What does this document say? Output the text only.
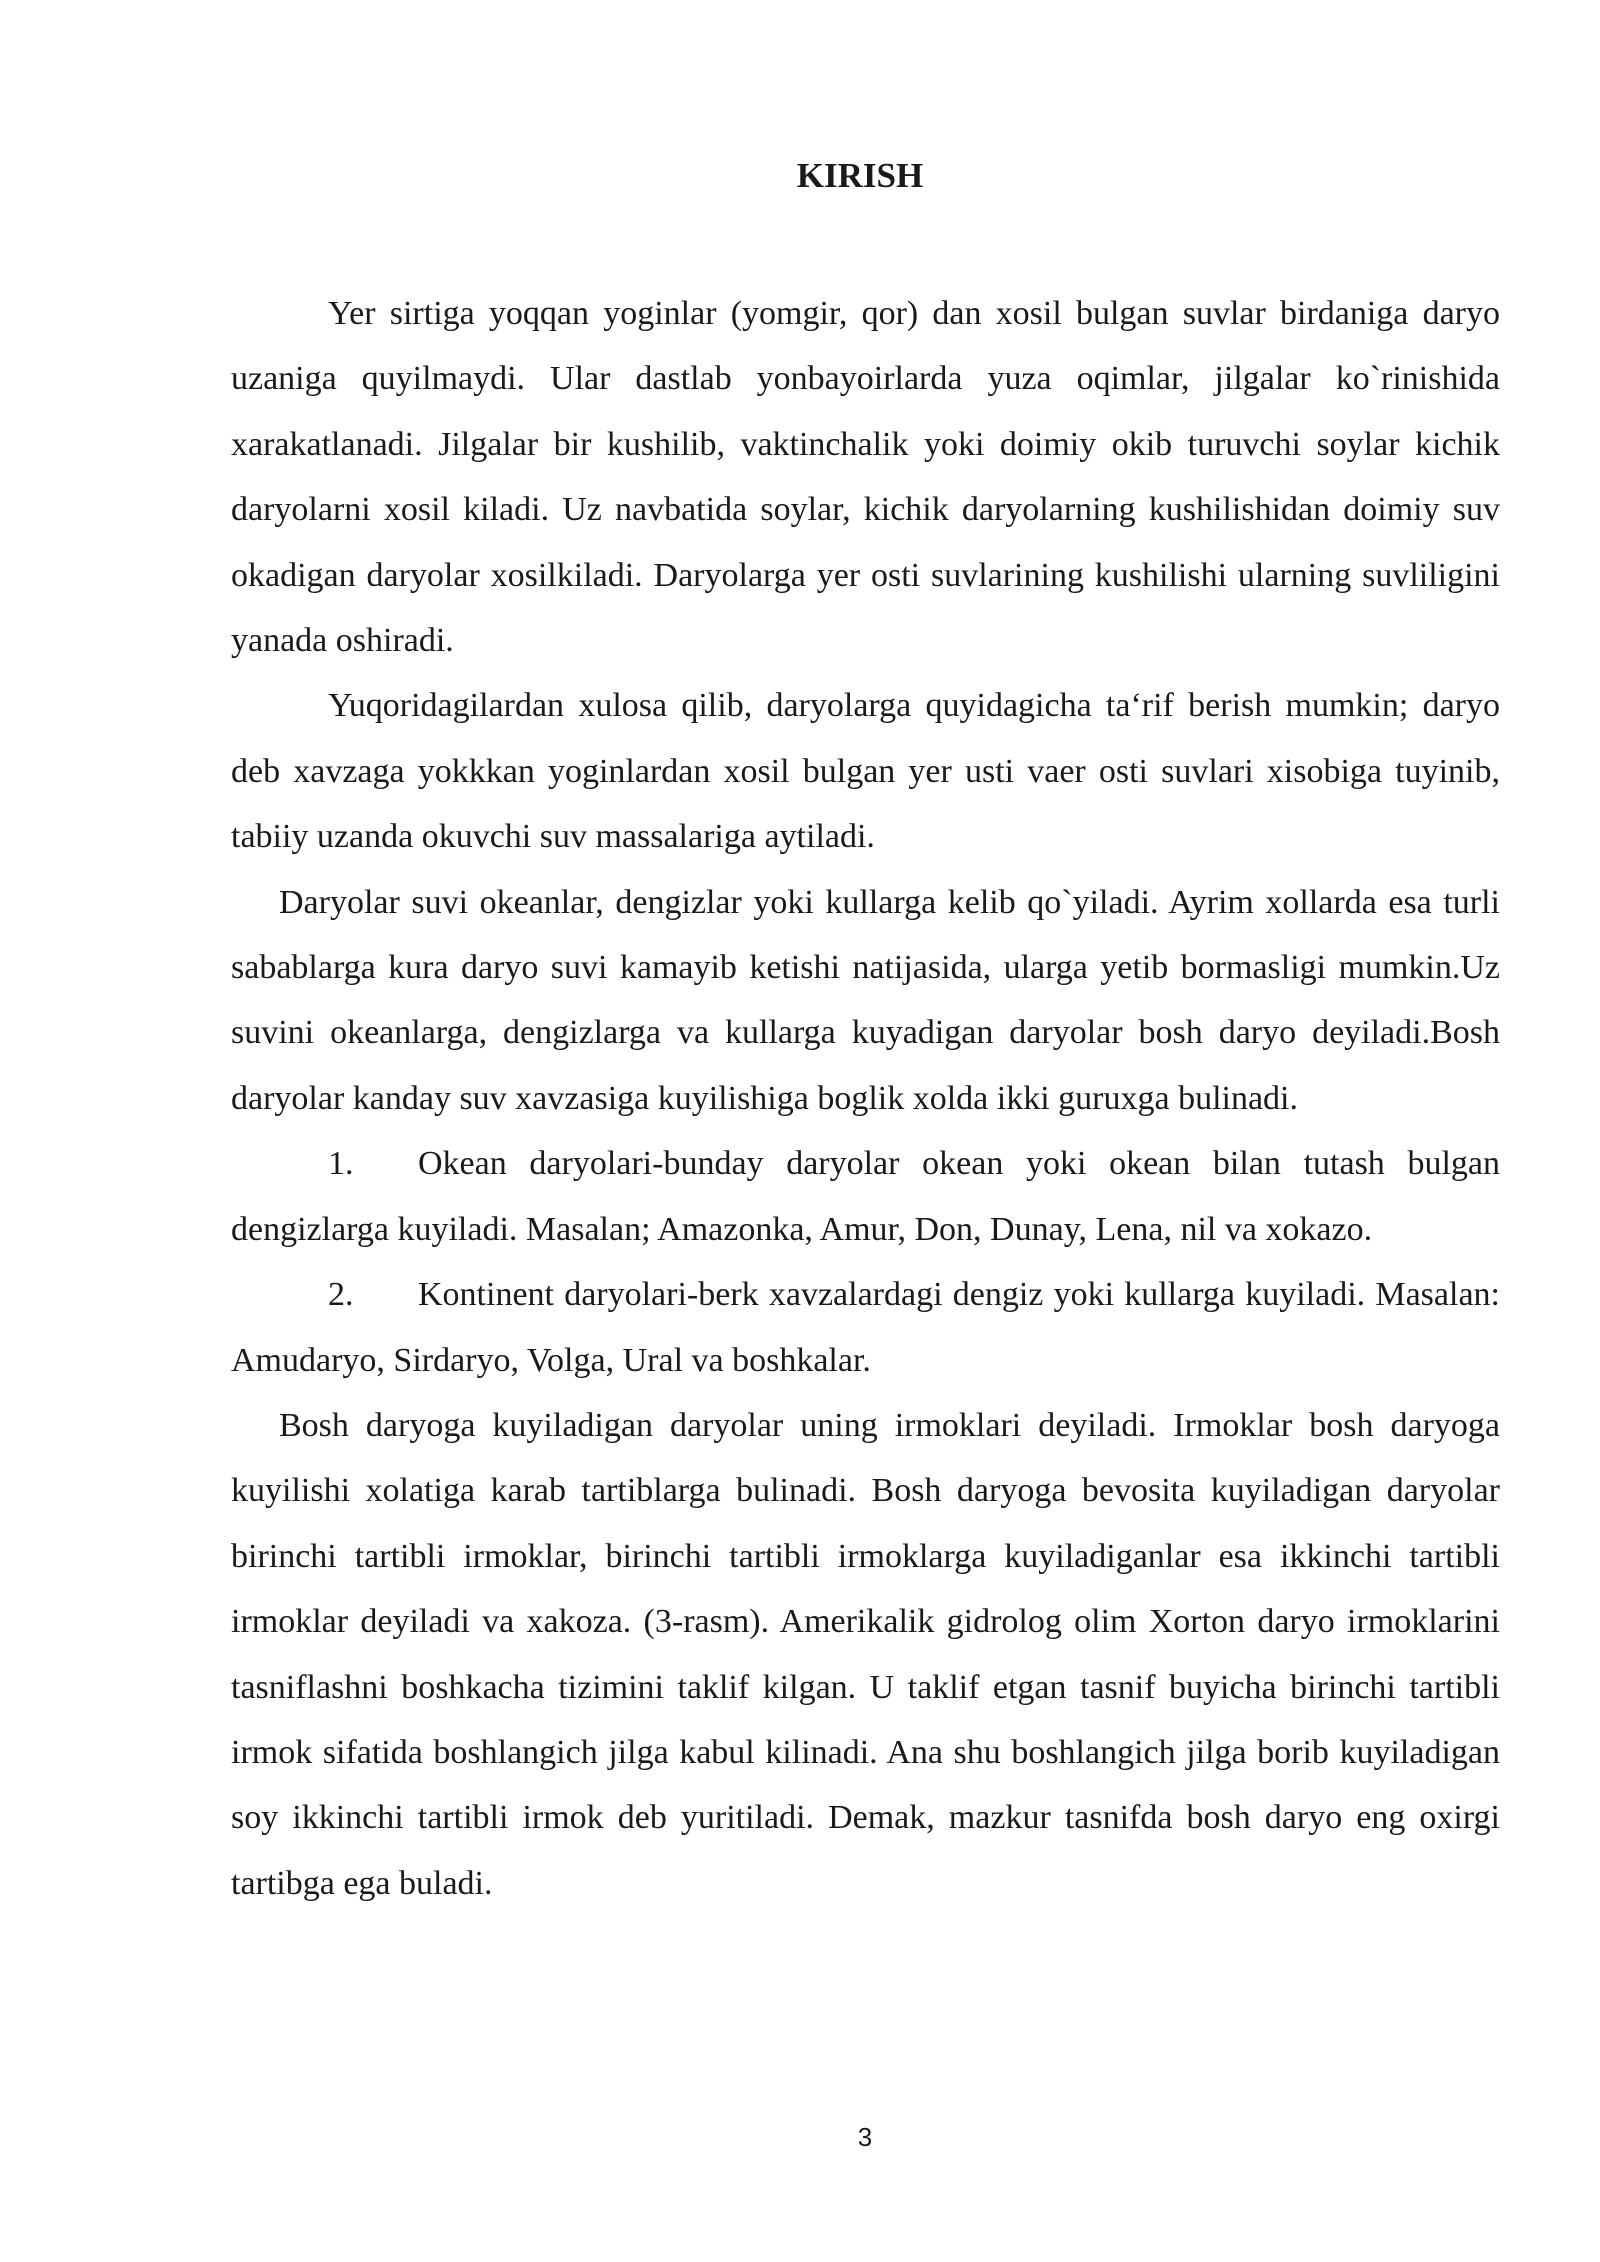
KIRISH

Yer sirtiga yoqqan yoginlar (yomgir, qor) dan xosil bulgan suvlar birdaniga daryo uzaniga quyilmaydi. Ular dastlab yonbayoirlarda yuza oqimlar, jilgalar ko`rinishida xarakatlanadi. Jilgalar bir kushilib, vaktinchalik yoki doimiy okib turuvchi soylar kichik daryolarni xosil kiladi. Uz navbatida soylar, kichik daryolarning kushilishidan doimiy suv okadigan daryolar xosilkiladi. Daryolarga yer osti suvlarining kushilishi ularning suvliligini yanada oshiradi.

Yuqoridagilardan xulosa qilib, daryolarga quyidagicha ta‘rif berish mumkin; daryo deb xavzaga yokkkan yoginlardan xosil bulgan yer usti vaer osti suvlari xisobiga tuyinib, tabiiy uzanda okuvchi suv massalariga aytiladi.

Daryolar suvi okeanlar, dengizlar yoki kullarga kelib qo`yiladi. Ayrim xollarda esa turli sabablarga kura daryo suvi kamayib ketishi natijasida, ularga yetib bormasligi mumkin.Uz suvini okeanlarga, dengizlarga va kullarga kuyadigan daryolar bosh daryo deyiladi.Bosh daryolar kanday suv xavzasiga kuyilishiga boglik xolda ikki guruxga bulinadi.

1. Okean daryolari-bunday daryolar okean yoki okean bilan tutash bulgan dengizlarga kuyiladi. Masalan; Amazonka, Amur, Don, Dunay, Lena, nil va xokazo.

2. Kontinent daryolari-berk xavzalardagi dengiz yoki kullarga kuyiladi. Masalan: Amudaryo, Sirdaryo, Volga, Ural va boshkalar.

Bosh daryoga kuyiladigan daryolar uning irmoklari deyiladi. Irmoklar bosh daryoga kuyilishi xolatiga karab tartiblarga bulinadi. Bosh daryoga bevosita kuyiladigan daryolar birinchi tartibli irmoklar, birinchi tartibli irmoklarga kuyiladiganlar esa ikkinchi tartibli irmoklar deyiladi va xakoza. (3-rasm). Amerikalik gidrolog olim Xorton daryo irmoklarini tasniflashni boshkacha tizimini taklif kilgan. U taklif etgan tasnif buyicha birinchi tartibli irmok sifatida boshlangich jilga kabul kilinadi. Ana shu boshlangich jilga borib kuyiladigan soy ikkinchi tartibli irmok deb yuritiladi. Demak, mazkur tasnifda bosh daryo eng oxirgi tartibga ega buladi.

3
